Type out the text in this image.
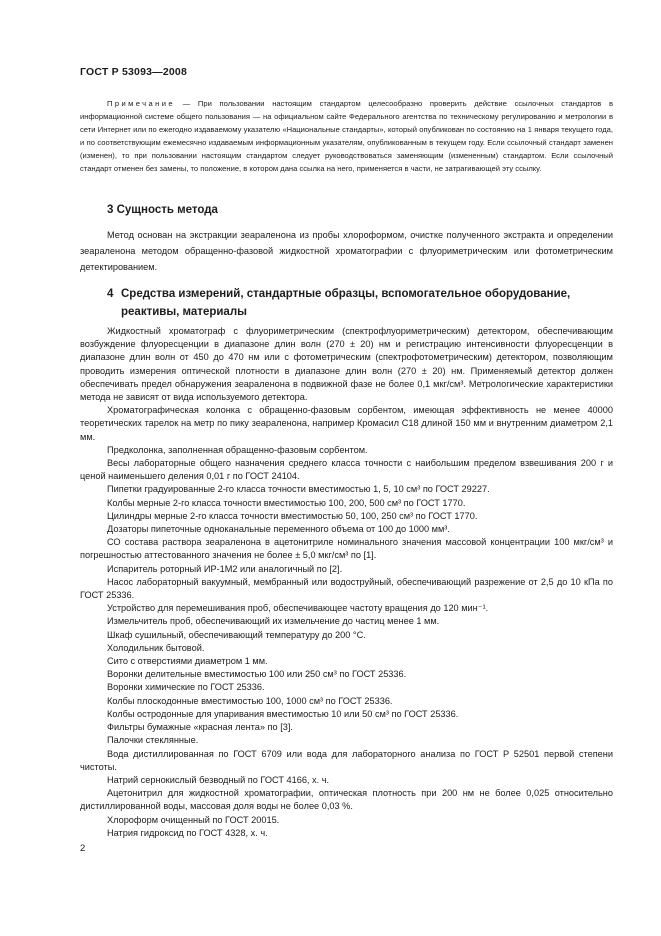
ГОСТ Р 53093—2008
Примечание — При пользовании настоящим стандартом целесообразно проверить действие ссылочных стандартов в информационной системе общего пользования — на официальном сайте Федерального агентства по техническому регулированию и метрологии в сети Интернет или по ежегодно издаваемому указателю «Национальные стандарты», который опубликован по состоянию на 1 января текущего года, и по соответствующим ежемесячно издаваемым информационным указателям, опубликованным в текущем году. Если ссылочный стандарт заменен (изменен), то при пользовании настоящим стандартом следует руководствоваться заменяющим (измененным) стандартом. Если ссылочный стандарт отменен без замены, то положение, в котором дана ссылка на него, применяется в части, не затрагивающей эту ссылку.
3 Сущность метода
Метод основан на экстракции зеараленона из пробы хлороформом, очистке полученного экстракта и определении зеараленона методом обращенно-фазовой жидкостной хроматографии с флуориметрическим или фотометрическим детектированием.
4 Средства измерений, стандартные образцы, вспомогательное оборудование, реактивы, материалы

Жидкостный хроматограф с флуориметрическим (спектрофлуориметрическим) детектором, обеспечивающим возбуждение флуоресценции в диапазоне длин волн (270 ± 20) нм и регистрацию интенсивности флуоресценции в диапазоне длин волн от 450 до 470 нм или с фотометрическим (спектрофотометрическим) детектором, позволяющим проводить измерения оптической плотности в диапазоне длин волн (270 ± 20) нм. Применяемый детектор должен обеспечивать предел обнаружения зеараленона в подвижной фазе не более 0,1 мкг/см³. Метрологические характеристики метода не зависят от вида используемого детектора.

Хроматографическая колонка с обращенно-фазовым сорбентом, имеющая эффективность не менее 40000 теоретических тарелок на метр по пику зеараленона, например Кромасил С18 длиной 150 мм и внутренним диаметром 2,1 мм.

Предколонка, заполненная обращенно-фазовым сорбентом.

Весы лабораторные общего назначения среднего класса точности с наибольшим пределом взвешивания 200 г и ценой наименьшего деления 0,01 г по ГОСТ 24104.

Пипетки градуированные 2-го класса точности вместимостью 1, 5, 10 см³ по ГОСТ 29227.

Колбы мерные 2-го класса точности вместимостью 100, 200, 500 см³ по ГОСТ 1770.

Цилиндры мерные 2-го класса точности вместимостью 50, 100, 250 см³ по ГОСТ 1770.

Дозаторы пипеточные одноканальные переменного объема от 100 до 1000 мм³.

СО состава раствора зеараленона в ацетонитриле номинального значения массовой концентрации 100 мкг/см³ и погрешностью аттестованного значения не более ± 5,0 мкг/см³ по [1].

Испаритель роторный ИР-1М2 или аналогичный по [2].

Насос лабораторный вакуумный, мембранный или водоструйный, обеспечивающий разрежение от 2,5 до 10 кПа по ГОСТ 25336.

Устройство для перемешивания проб, обеспечивающее частоту вращения до 120 мин⁻¹.

Измельчитель проб, обеспечивающий их измельчение до частиц менее 1 мм.

Шкаф сушильный, обеспечивающий температуру до 200 °С.

Холодильник бытовой.

Сито с отверстиями диаметром 1 мм.

Воронки делительные вместимостью 100 или 250 см³ по ГОСТ 25336.

Воронки химические по ГОСТ 25336.

Колбы плоскодонные вместимостью 100, 1000 см³ по ГОСТ 25336.

Колбы остродонные для упаривания вместимостью 10 или 50 см³ по ГОСТ 25336.

Фильтры бумажные «красная лента» по [3].

Палочки стеклянные.

Вода дистиллированная по ГОСТ 6709 или вода для лабораторного анализа по ГОСТ Р 52501 первой степени чистоты.

Натрий сернокислый безводный по ГОСТ 4166, х. ч.

Ацетонитрил для жидкостной хроматографии, оптическая плотность при 200 нм не более 0,025 относительно дистиллированной воды, массовая доля воды не более 0,03 %.

Хлороформ очищенный по ГОСТ 20015.

Натрия гидроксид по ГОСТ 4328, х. ч.

2
